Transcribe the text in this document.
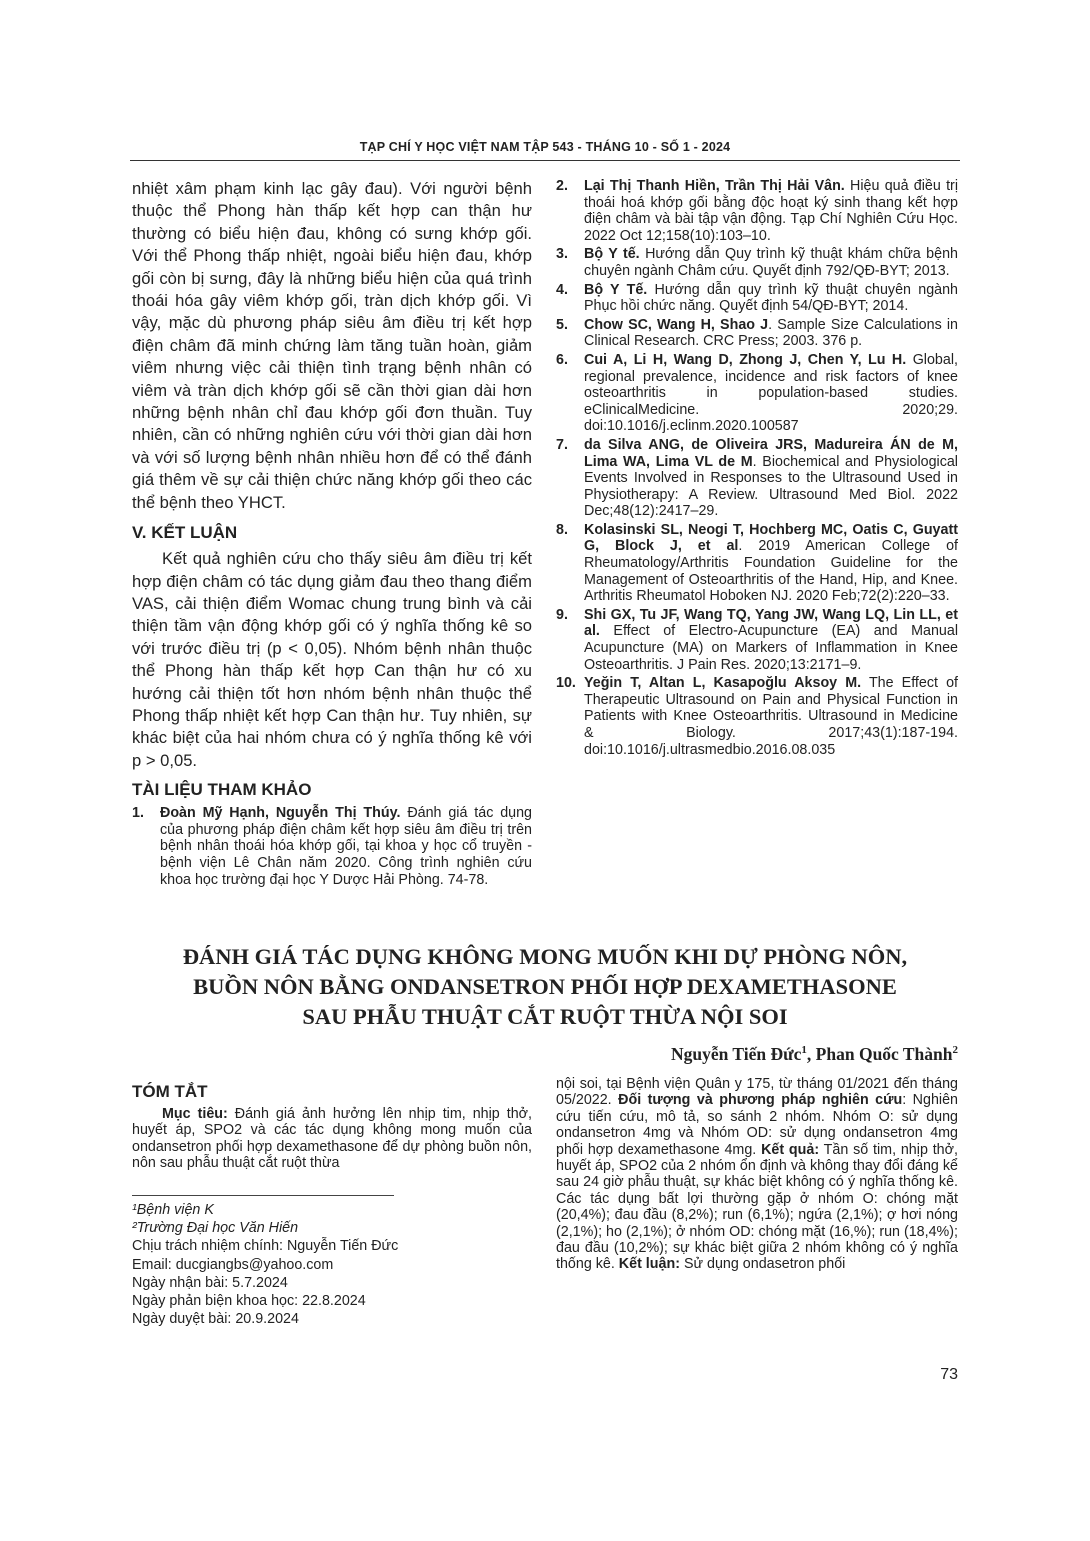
TẠP CHÍ Y HỌC VIỆT NAM TẬP 543 - THÁNG 10 - SỐ 1 - 2024

nhiệt xâm phạm kinh lạc gây đau). Với người bệnh thuộc thể Phong hàn thấp kết hợp can thận hư thường có biểu hiện đau, không có sưng khớp gối. Với thể Phong thấp nhiệt, ngoài biểu hiện đau, khớp gối còn bị sưng, đây là những biểu hiện của quá trình thoái hóa gây viêm khớp gối, tràn dịch khớp gối. Vì vậy, mặc dù phương pháp siêu âm điều trị kết hợp điện châm đã minh chứng làm tăng tuần hoàn, giảm viêm nhưng việc cải thiện tình trạng bệnh nhân có viêm và tràn dịch khớp gối sẽ cần thời gian dài hơn những bệnh nhân chỉ đau khớp gối đơn thuần. Tuy nhiên, cần có những nghiên cứu với thời gian dài hơn và với số lượng bệnh nhân nhiều hơn để có thể đánh giá thêm về sự cải thiện chức năng khớp gối theo các thể bệnh theo YHCT.

V. KẾT LUẬN

Kết quả nghiên cứu cho thấy siêu âm điều trị kết hợp điện châm có tác dụng giảm đau theo thang điểm VAS, cải thiện điểm Womac chung trung bình và cải thiện tầm vận động khớp gối có ý nghĩa thống kê so với trước điều trị (p < 0,05). Nhóm bệnh nhân thuộc thể Phong hàn thấp kết hợp Can thận hư có xu hướng cải thiện tốt hơn nhóm bệnh nhân thuộc thể Phong thấp nhiệt kết hợp Can thận hư. Tuy nhiên, sự khác biệt của hai nhóm chưa có ý nghĩa thống kê với p > 0,05.

TÀI LIỆU THAM KHẢO
1.	Đoàn Mỹ Hạnh, Nguyễn Thị Thúy. Đánh giá tác dụng của phương pháp điện châm kết hợp siêu âm điều trị trên bệnh nhân thoái hóa khớp gối, tại khoa y học cổ truyền - bệnh viện Lê Chân năm 2020. Công trình nghiên cứu khoa học trường đại học Y Dược Hải Phòng. 74-78.
2.	Lại Thị Thanh Hiền, Trần Thị Hải Vân. Hiệu quả điều trị thoái hoá khớp gối bằng độc hoạt ký sinh thang kết hợp điện châm và bài tập vận động. Tạp Chí Nghiên Cứu Học. 2022 Oct 12;158(10):103–10.
3.	Bộ Y tế. Hướng dẫn Quy trình kỹ thuật khám chữa bệnh chuyên ngành Châm cứu. Quyết định 792/QĐ-BYT; 2013.
4.	Bộ Y Tế. Hướng dẫn quy trình kỹ thuật chuyên ngành Phục hồi chức năng. Quyết định 54/QĐ-BYT; 2014.
5.	Chow SC, Wang H, Shao J. Sample Size Calculations in Clinical Research. CRC Press; 2003. 376 p.
6.	Cui A, Li H, Wang D, Zhong J, Chen Y, Lu H. Global, regional prevalence, incidence and risk factors of knee osteoarthritis in population-based studies. eClinicalMedicine. 2020;29. doi:10.1016/j.eclinm.2020.100587
7.	da Silva ANG, de Oliveira JRS, Madureira ÁN de M, Lima WA, Lima VL de M. Biochemical and Physiological Events Involved in Responses to the Ultrasound Used in Physiotherapy: A Review. Ultrasound Med Biol. 2022 Dec;48(12):2417–29.
8.	Kolasinski SL, Neogi T, Hochberg MC, Oatis C, Guyatt G, Block J, et al. 2019 American College of Rheumatology/Arthritis Foundation Guideline for the Management of Osteoarthritis of the Hand, Hip, and Knee. Arthritis Rheumatol Hoboken NJ. 2020 Feb;72(2):220–33.
9.	Shi GX, Tu JF, Wang TQ, Yang JW, Wang LQ, Lin LL, et al. Effect of Electro-Acupuncture (EA) and Manual Acupuncture (MA) on Markers of Inflammation in Knee Osteoarthritis. J Pain Res. 2020;13:2171–9.
10. Yeğin T, Altan L, Kasapoğlu Aksoy M. The Effect of Therapeutic Ultrasound on Pain and Physical Function in Patients with Knee Osteoarthritis. Ultrasound in Medicine & Biology. 2017;43(1):187-194. doi:10.1016/j.ultrasmedbio.2016.08.035
ĐÁNH GIÁ TÁC DỤNG KHÔNG MONG MUỐN KHI DỰ PHÒNG NÔN,
BUỒN NÔN BẰNG ONDANSETRON PHỐI HỢP DEXAMETHASONE
SAU PHẪU THUẬT CẮT RUỘT THỪA NỘI SOI
Nguyễn Tiến Đức$^1$, Phan Quốc Thành$^2$
TÓM TẮT

Mục tiêu: Đánh giá ảnh hưởng lên nhịp tim, nhịp thở, huyết áp, SPO2 và các tác dụng không mong muốn của ondansetron phối hợp dexamethasone để dự phòng buồn nôn, nôn sau phẫu thuật cắt ruột thừa

¹Bệnh viện K
²Trường Đại học Văn Hiến
Chịu trách nhiệm chính: Nguyễn Tiến Đức
Email: ducgiangbs@yahoo.com
Ngày nhận bài: 5.7.2024
Ngày phản biện khoa học: 22.8.2024
Ngày duyệt bài: 20.9.2024

nội soi, tại Bệnh viện Quân y 175, từ tháng 01/2021 đến tháng 05/2022. Đối tượng và phương pháp nghiên cứu: Nghiên cứu tiến cứu, mô tả, so sánh 2 nhóm. Nhóm O: sử dụng ondansetron 4mg và Nhóm OD: sử dụng ondansetron 4mg phối hợp dexamethasone 4mg. Kết quả: Tần số tim, nhịp thở, huyết áp, SPO2 của 2 nhóm ổn định và không thay đổi đáng kể sau 24 giờ phẫu thuật, sự khác biệt không có ý nghĩa thống kê. Các tác dụng bất lợi thường gặp ở nhóm O: chóng mặt (20,4%); đau đầu (8,2%); run (6,1%); ngứa (2,1%); ợ hơi nóng (2,1%); ho (2,1%); ở nhóm OD: chóng mặt (16,%); run (18,4%); đau đầu (10,2%); sự khác biệt giữa 2 nhóm không có ý nghĩa thống kê. Kết luận: Sử dụng ondasetron phối

73
